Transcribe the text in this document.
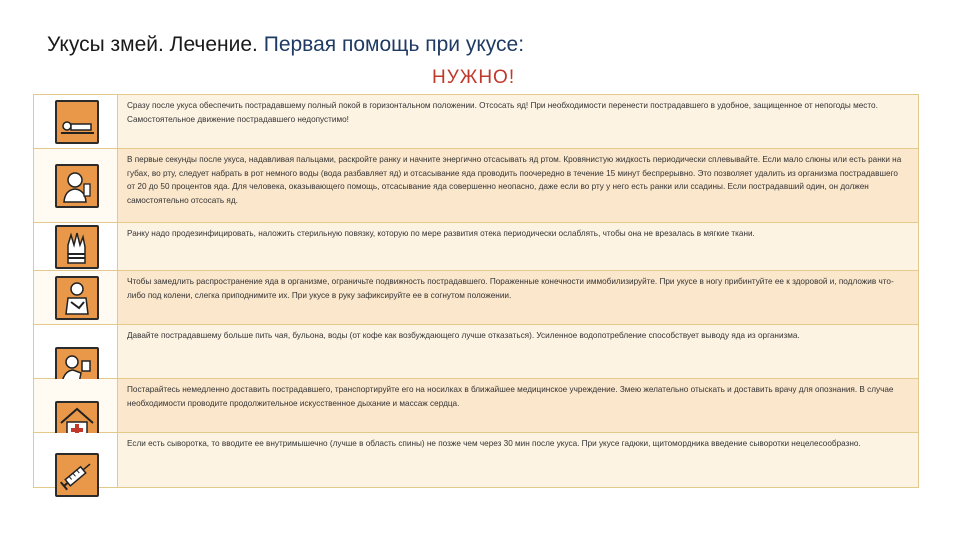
Укусы змей. Лечение. Первая помощь при укусе:
НУЖНО!
Сразу после укуса обеспечить пострадавшему полный покой в горизонтальном положении. Отсосать яд! При необходимости перенести пострадавшего в удобное, защищенное от непогоды место. Самостоятельное движение пострадавшего недопустимо!
В первые секунды после укуса, надавливая пальцами, раскройте ранку и начните энергично отсасывать яд ртом. Кровянистую жидкость периодически сплевывайте. Если мало слюны или есть ранки на губах, во рту, следует набрать в рот немного воды (вода разбавляет яд) и отсасывание яда проводить поочередно в течение 15 минут беспрерывно. Это позволяет удалить из организма пострадавшего от 20 до 50 процентов яда. Для человека, оказывающего помощь, отсасывание яда совершенно неопасно, даже если во рту у него есть ранки или ссадины. Если пострадавший один, он должен самостоятельно отсосать яд.
Ранку надо продезинфицировать, наложить стерильную повязку, которую по мере развития отека периодически ослаблять, чтобы она не врезалась в мягкие ткани.
Чтобы замедлить распространение яда в организме, ограничьте подвижность пострадавшего. Пораженные конечности иммобилизируйте. При укусе в ногу прибинтуйте ее к здоровой и, подложив что-либо под колени, слегка приподнимите их. При укусе в руку зафиксируйте ее в согнутом положении.
Давайте пострадавшему больше пить чая, бульона, воды (от кофе как возбуждающего лучше отказаться). Усиленное водопотребление способствует выводу яда из организма.
Постарайтесь немедленно доставить пострадавшего, транспортируйте его на носилках в ближайшее медицинское учреждение. Змею желательно отыскать и доставить врачу для опознания. В случае необходимости проводите продолжительное искусственное дыхание и массаж сердца.
Если есть сыворотка, то вводите ее внутримышечно (лучше в область спины) не позже чем через 30 мин после укуса. При укусе гадюки, щитомордника введение сыворотки нецелесообразно.
